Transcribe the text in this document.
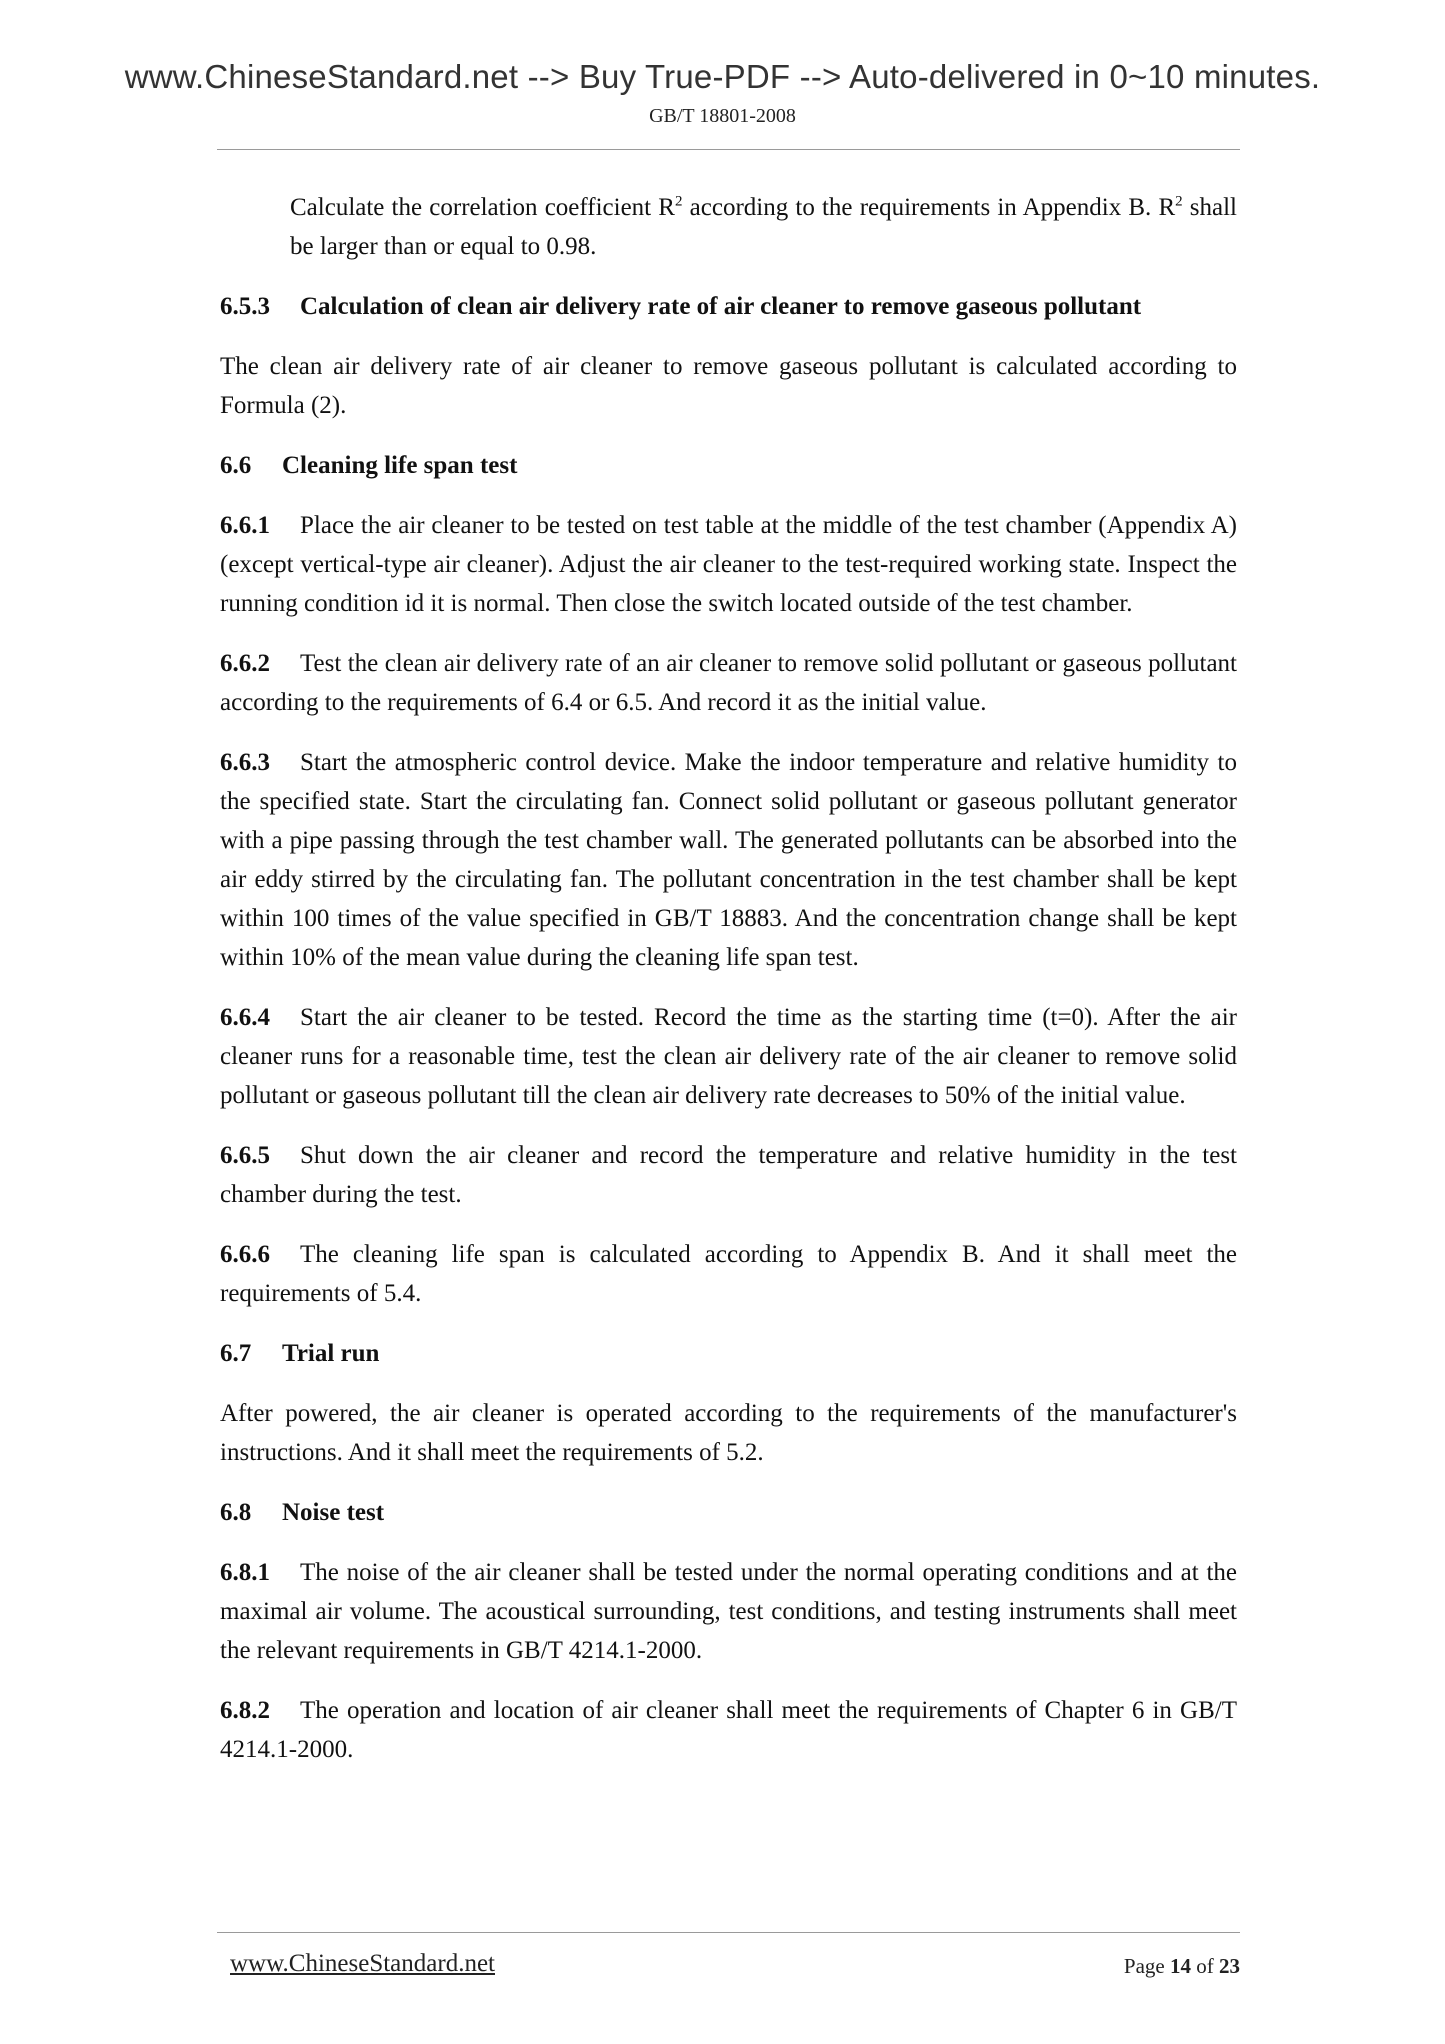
www.ChineseStandard.net --> Buy True-PDF --> Auto-delivered in 0~10 minutes.
GB/T 18801-2008

Calculate the correlation coefficient $R^2$ according to the requirements in Appendix B. $R^2$ shall be larger than or equal to 0.98.

6.5.3 Calculation of clean air delivery rate of air cleaner to remove gaseous pollutant

The clean air delivery rate of air cleaner to remove gaseous pollutant is calculated according to Formula (2).

6.6 Cleaning life span test

6.6.1 Place the air cleaner to be tested on test table at the middle of the test chamber (Appendix A) (except vertical-type air cleaner). Adjust the air cleaner to the test-required working state. Inspect the running condition id it is normal. Then close the switch located outside of the test chamber.

6.6.2 Test the clean air delivery rate of an air cleaner to remove solid pollutant or gaseous pollutant according to the requirements of 6.4 or 6.5. And record it as the initial value.

6.6.3 Start the atmospheric control device. Make the indoor temperature and relative humidity to the specified state. Start the circulating fan. Connect solid pollutant or gaseous pollutant generator with a pipe passing through the test chamber wall. The generated pollutants can be absorbed into the air eddy stirred by the circulating fan. The pollutant concentration in the test chamber shall be kept within 100 times of the value specified in GB/T 18883. And the concentration change shall be kept within 10% of the mean value during the cleaning life span test.

6.6.4 Start the air cleaner to be tested. Record the time as the starting time (t=0). After the air cleaner runs for a reasonable time, test the clean air delivery rate of the air cleaner to remove solid pollutant or gaseous pollutant till the clean air delivery rate decreases to 50% of the initial value.

6.6.5 Shut down the air cleaner and record the temperature and relative humidity in the test chamber during the test.

6.6.6 The cleaning life span is calculated according to Appendix B. And it shall meet the requirements of 5.4.

6.7 Trial run

After powered, the air cleaner is operated according to the requirements of the manufacturer's instructions. And it shall meet the requirements of 5.2.

6.8 Noise test

6.8.1 The noise of the air cleaner shall be tested under the normal operating conditions and at the maximal air volume. The acoustical surrounding, test conditions, and testing instruments shall meet the relevant requirements in GB/T 4214.1-2000.

6.8.2 The operation and location of air cleaner shall meet the requirements of Chapter 6 in GB/T 4214.1-2000.

www.ChineseStandard.net	Page 14 of 23
